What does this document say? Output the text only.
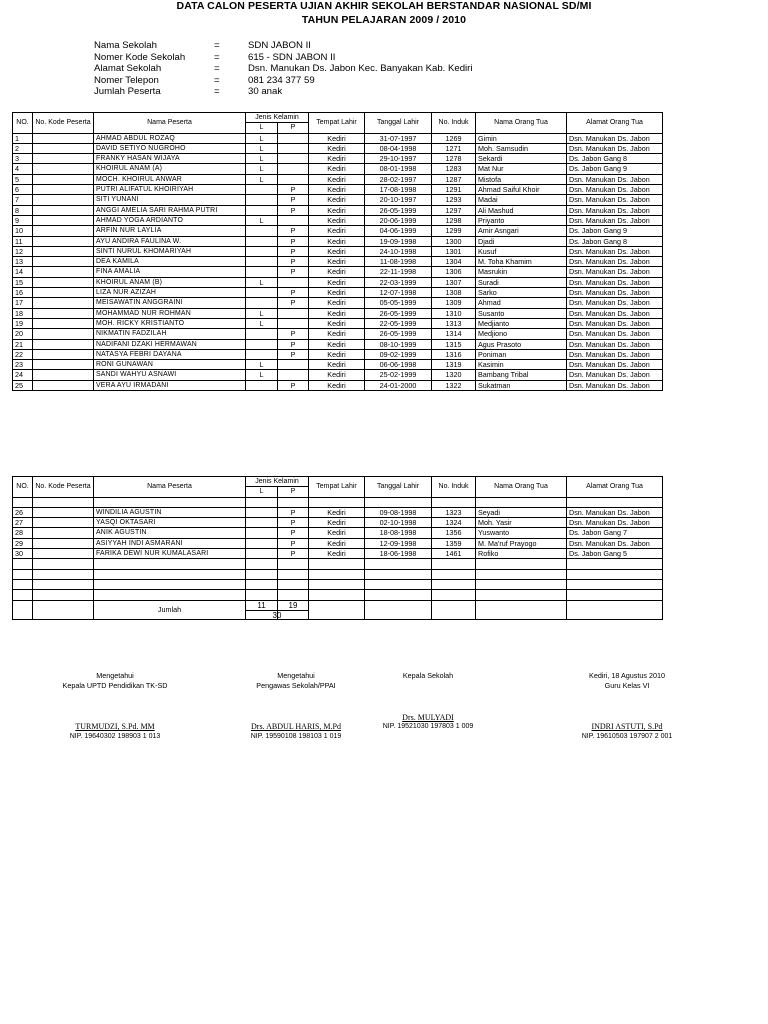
DATA CALON PESERTA UJIAN AKHIR SEKOLAH BERSTANDAR NASIONAL SD/MI
TAHUN PELAJARAN 2009 / 2010
Nama Sekolah	=	SDN JABON II
Nomer Kode Sekolah	=	615 - SDN JABON II
Alamat Sekolah	=	Dsn. Manukan Ds. Jabon Kec. Banyakan Kab. Kediri
Nomer Telepon	=	081 234 377 59
Jumlah Peserta	=	30 anak
NO.	No. Kode Peserta	Nama Peserta	Jenis Kelamin		Tempat Lahir	Tanggal Lahir	No. Induk	Nama Orang Tua	Alamat Orang Tua
			L	P					
1		AHMAD ABDUL ROZAQ	L		Kediri	31-07-1997	1269	Gimin	Dsn. Manukan Ds. Jabon
2		DAVID SETIYO NUGROHO	L		Kediri	08-04-1998	1271	Moh. Samsudin	Dsn. Manukan Ds. Jabon
3		FRANKY HASAN WIJAYA	L		Kediri	29-10-1997	1278	Sekardi	Ds. Jabon Gang 8
4		KHOIRUL ANAM (A)	L		Kediri	08-01-1998	1283	Mat Nur	Ds. Jabon Gang 9
5		MOCH. KHOIRUL ANWAR	L		Kediri	28-02-1997	1287	Mistofa	Dsn. Manukan Ds. Jabon
6		PUTRI ALIFATUL KHOIRIYAH		P	Kediri	17-08-1998	1291	Ahmad Saiful Khoir	Dsn. Manukan Ds. Jabon
7		SITI YUNANI		P	Kediri	20-10-1997	1293	Madai	Dsn. Manukan Ds. Jabon
8		ANGGI AMELIA SARI RAHMA PUTRI		P	Kediri	26-05-1999	1297	Ali Mashud	Dsn. Manukan Ds. Jabon
9		AHMAD YOGA ARDIANTO	L		Kediri	20-06-1999	1298	Priyanto	Dsn. Manukan Ds. Jabon
10		ARFIN NUR LAYLIA		P	Kediri	04-06-1999	1299	Amir Asngari	Ds. Jabon Gang 9
11		AYU ANDIRA FAULINA W.		P	Kediri	19-09-1998	1300	Djadi	Ds. Jabon Gang 8
12		SINTI NURUL KHOMARIYAH		P	Kediri	24-10-1998	1301	Kusuf	Dsn. Manukan Ds. Jabon
13		DEA KAMILA		P	Kediri	11-08-1998	1304	M. Toha Khamim	Dsn. Manukan Ds. Jabon
14		FINA AMALIA		P	Kediri	22-11-1998	1306	Masrukin	Dsn. Manukan Ds. Jabon
15		KHOIRUL ANAM (B)	L		Kediri	22-03-1999	1307	Suradi	Dsn. Manukan Ds. Jabon
16		LIZA NUR AZIZAH		P	Kediri	12-07-1998	1308	Sarko	Dsn. Manukan Ds. Jabon
17		MEISAWATIN ANGGRAINI		P	Kediri	05-05-1999	1309	Ahmad	Dsn. Manukan Ds. Jabon
18		MOHAMMAD NUR ROHMAN	L		Kediri	26-05-1999	1310	Susanto	Dsn. Manukan Ds. Jabon
19		MOH. RICKY KRISTIANTO	L		Kediri	22-05-1999	1313	Medjianto	Dsn. Manukan Ds. Jabon
20		NIKMATIN FADZILAH		P	Kediri	26-05-1999	1314	Medjiono	Dsn. Manukan Ds. Jabon
21		NADIFANI DZAKI HERMAWAN		P	Kediri	08-10-1999	1315	Agus Prasoto	Dsn. Manukan Ds. Jabon
22		NATASYA FEBRI DAYANA		P	Kediri	09-02-1999	1316	Poniman	Dsn. Manukan Ds. Jabon
23		RONI GUNAWAN	L		Kediri	06-06-1998	1319	Kasimin	Dsn. Manukan Ds. Jabon
24		SANDI WAHYU ASNAWI	L		Kediri	25-02-1999	1320	Bambang Tribal	Dsn. Manukan Ds. Jabon
25		VERA AYU IRMADANI		P	Kediri	24-01-2000	1322	Sukatman	Dsn. Manukan Ds. Jabon
NO.	No. Kode Peserta	Nama Peserta	Jenis Kelamin		Tempat Lahir	Tanggal Lahir	No. Induk	Nama Orang Tua	Alamat Orang Tua
			L	P					

26		WINDILIA AGUSTIN		P	Kediri	09-08-1998	1323	Seyadi	Dsn. Manukan Ds. Jabon
27		YASQI OKTASARI		P	Kediri	02-10-1998	1324	Moh. Yasir	Dsn. Manukan Ds. Jabon
28		ANIK AGUSTIN		P	Kediri	18-08-1998	1356	Yuswanto	Ds. Jabon Gang 7
29		ASIYYAH INDI ASMARANI		P	Kediri	12-09-1998	1359	M. Ma'ruf Prayogo	Dsn. Manukan Ds. Jabon
30		FARIKA DEWI NUR KUMALASARI		P	Kediri	18-06-1998	1461	Rofiko	Ds. Jabon Gang 5

		Jumlah	11	19					
Mengetahui
Kepala UPTD Pendidikan TK-SD
TURMUDZI, S.Pd. MM
NIP. 19640302 198903 1 013
Mengetahui
Pengawas Sekolah/PPAI
Drs. ABDUL HARIS, M.Pd
NIP. 19590108 198103 1 019
Kepala Sekolah
Drs. MULYADI
NIP. 19521030 197803 1 009
Kediri, 18 Agustus 2010
Guru Kelas VI
INDRI ASTUTI, S.Pd
NIP. 19610503 197907 2 001
30
